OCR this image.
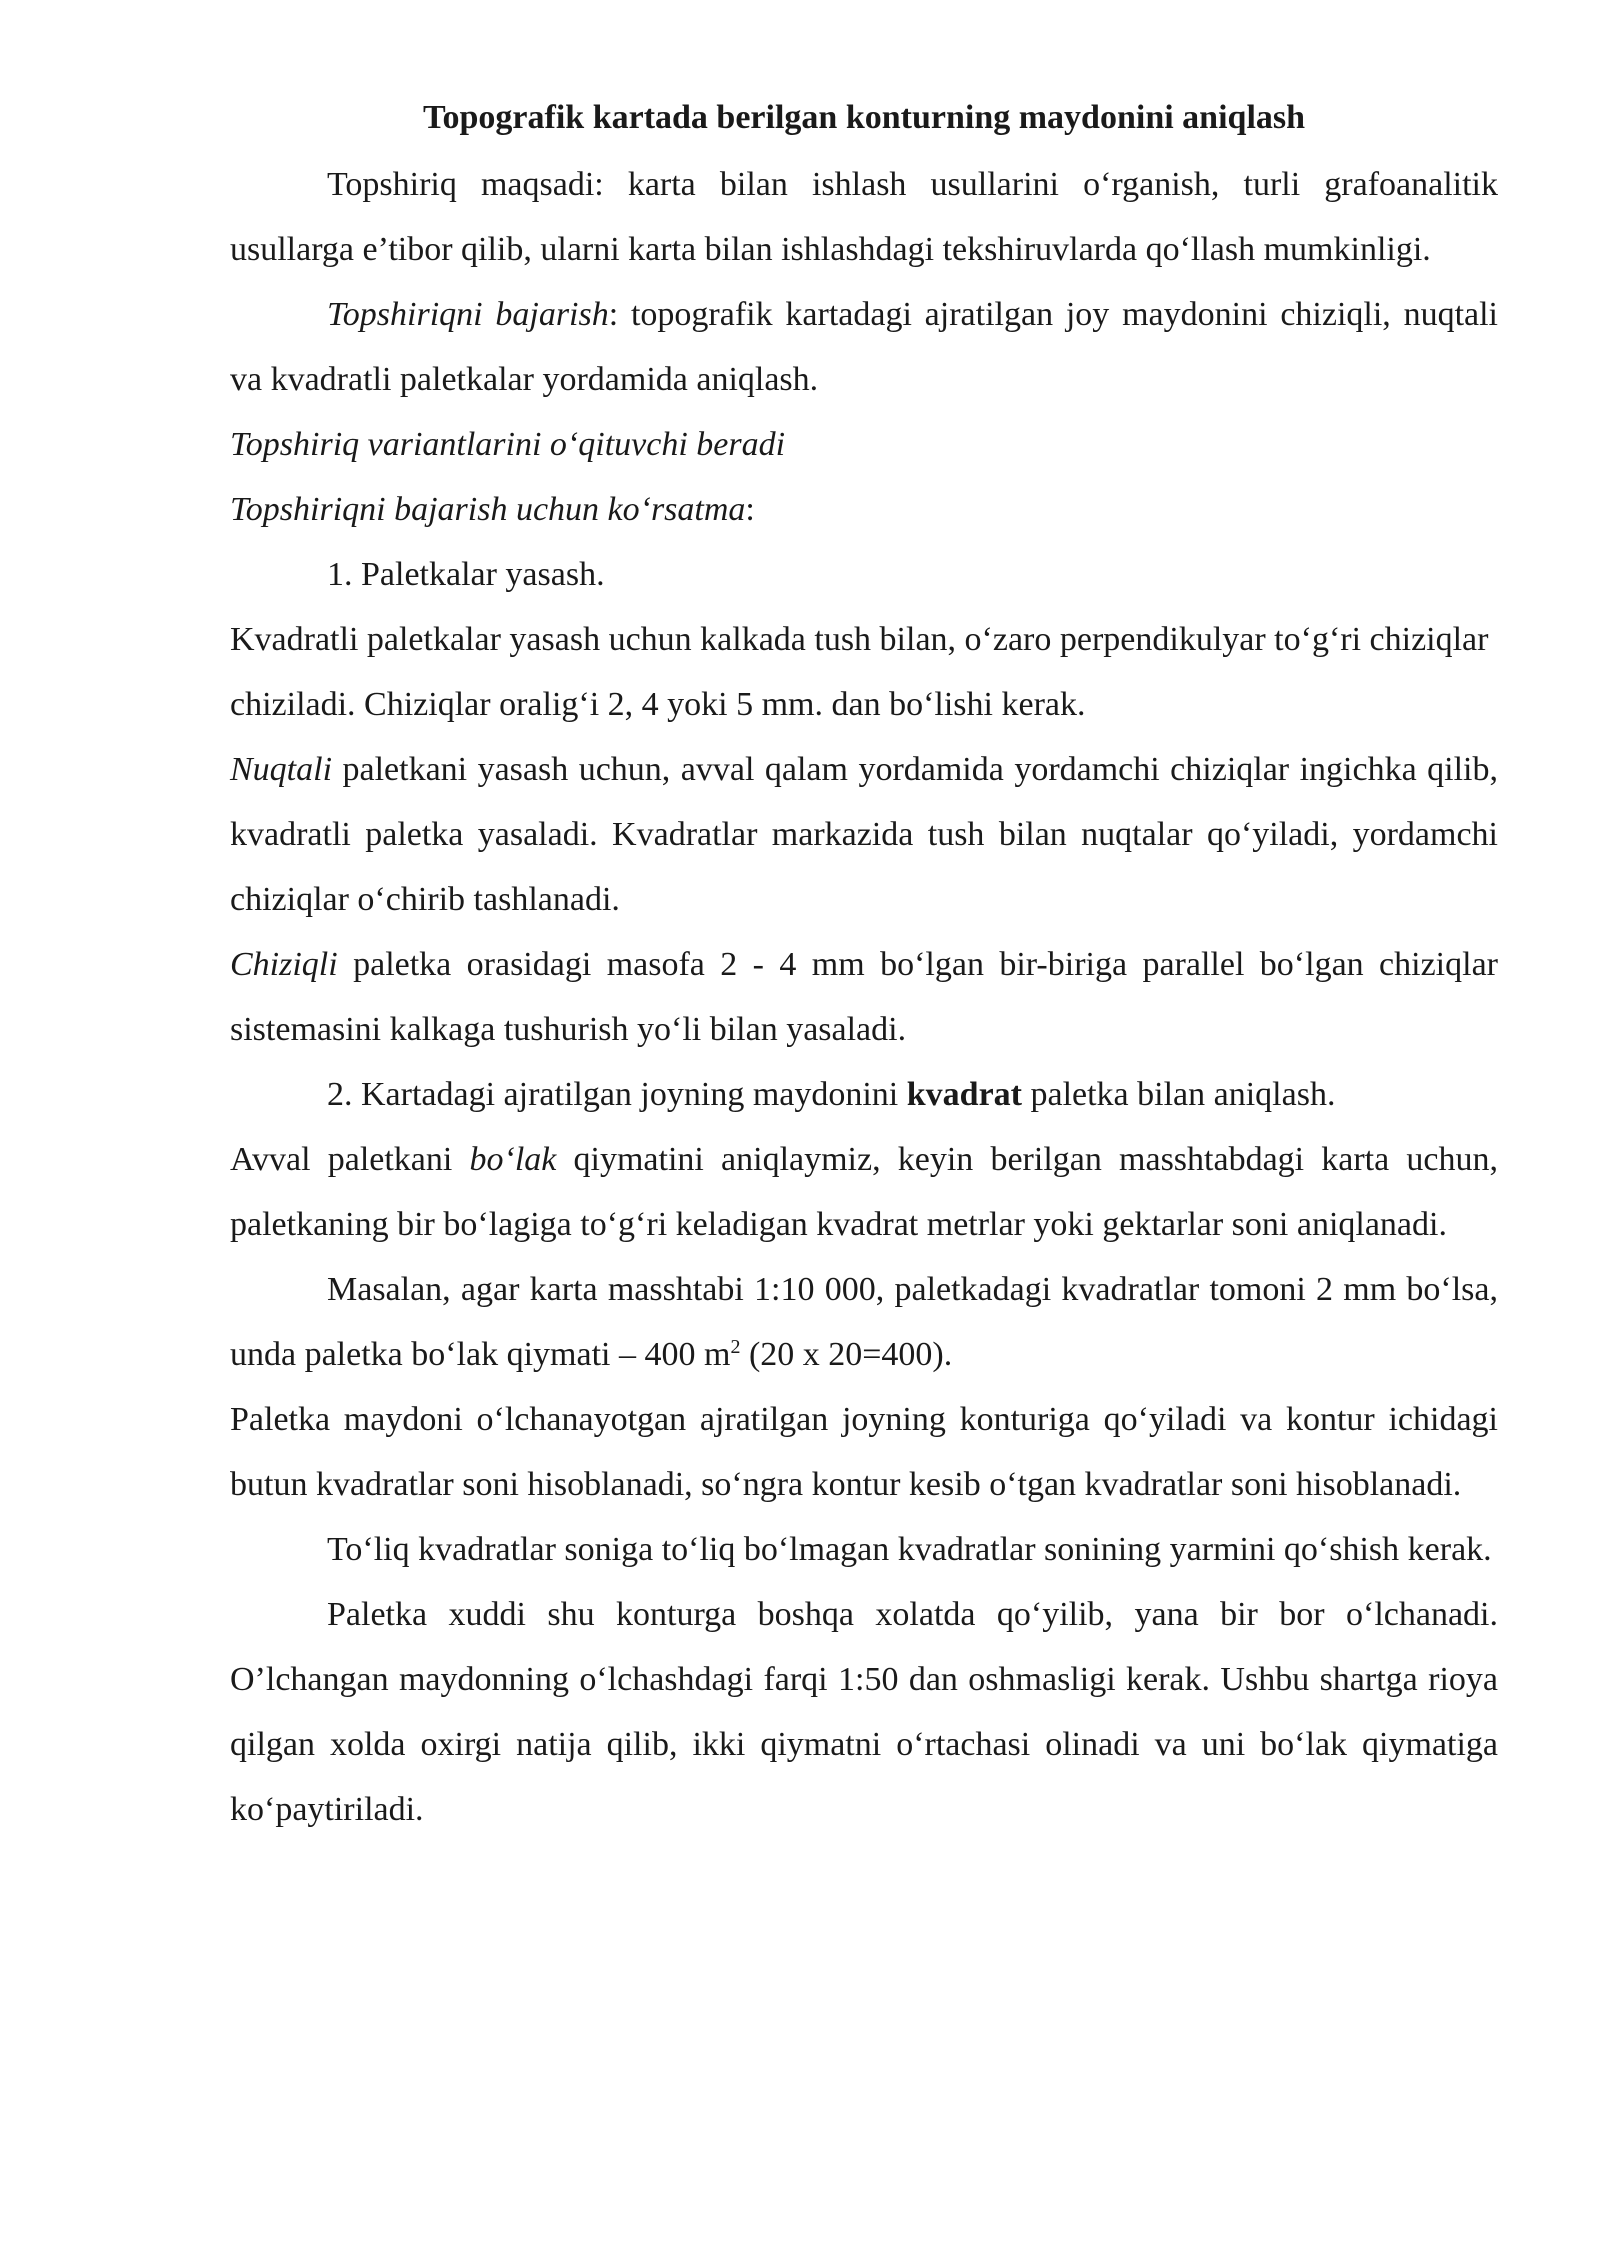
Topografik kartada berilgan konturning maydonini aniqlash

Topshiriq maqsadi: karta bilan ishlash usullarini o‘rganish, turli grafoanalitik usullarga e’tibor qilib, ularni karta bilan ishlashdagi tekshiruvlarda qo‘llash mumkinligi.

Topshiriqni bajarish: topografik kartadagi ajratilgan joy maydonini chiziqli, nuqtali va kvadratli paletkalar yordamida aniqlash.

Topshiriq variantlarini o‘qituvchi beradi

Topshiriqni bajarish uchun ko‘rsatma:

1. Paletkalar yasash.

Kvadratli paletkalar yasash uchun kalkada tush bilan, o‘zaro perpendikulyar to‘g‘ri chiziqlar chiziladi. Chiziqlar oralig‘i 2, 4 yoki 5 mm. dan bo‘lishi kerak.

Nuqtali paletkani yasash uchun, avval qalam yordamida yordamchi chiziqlar ingichka qilib, kvadratli paletka yasaladi. Kvadratlar markazida tush bilan nuqtalar qo‘yiladi, yordamchi chiziqlar o‘chirib tashlanadi.

Chiziqli paletka orasidagi masofa 2 - 4 mm bo‘lgan bir-biriga parallel bo‘lgan chiziqlar sistemasini kalkaga tushurish yo‘li bilan yasaladi.

2. Kartadagi ajratilgan joyning maydonini kvadrat paletka bilan aniqlash.

Avval paletkani bo‘lak qiymatini aniqlaymiz, keyin berilgan masshtabdagi karta uchun, paletkaning bir bo‘lagiga to‘g‘ri keladigan kvadrat metrlar yoki gektarlar soni aniqlanadi.

Masalan, agar karta masshtabi 1:10 000, paletkadagi kvadratlar tomoni 2 mm bo‘lsa, unda paletka bo‘lak qiymati – 400 $m^2$ (20 x 20=400).

Paletka maydoni o‘lchanayotgan ajratilgan joyning konturiga qo‘yiladi va kontur ichidagi butun kvadratlar soni hisoblanadi, so‘ngra kontur kesib o‘tgan kvadratlar soni hisoblanadi.

To‘liq kvadratlar soniga to‘liq bo‘lmagan kvadratlar sonining yarmini qo‘shish kerak.

Paletka xuddi shu konturga boshqa xolatda qo‘yilib, yana bir bor o‘lchanadi. O’lchangan maydonning o‘lchashdagi farqi 1:50 dan oshmasligi kerak. Ushbu shartga rioya qilgan xolda oxirgi natija qilib, ikki qiymatni o‘rtachasi olinadi va uni bo‘lak qiymatiga ko‘paytiriladi.
